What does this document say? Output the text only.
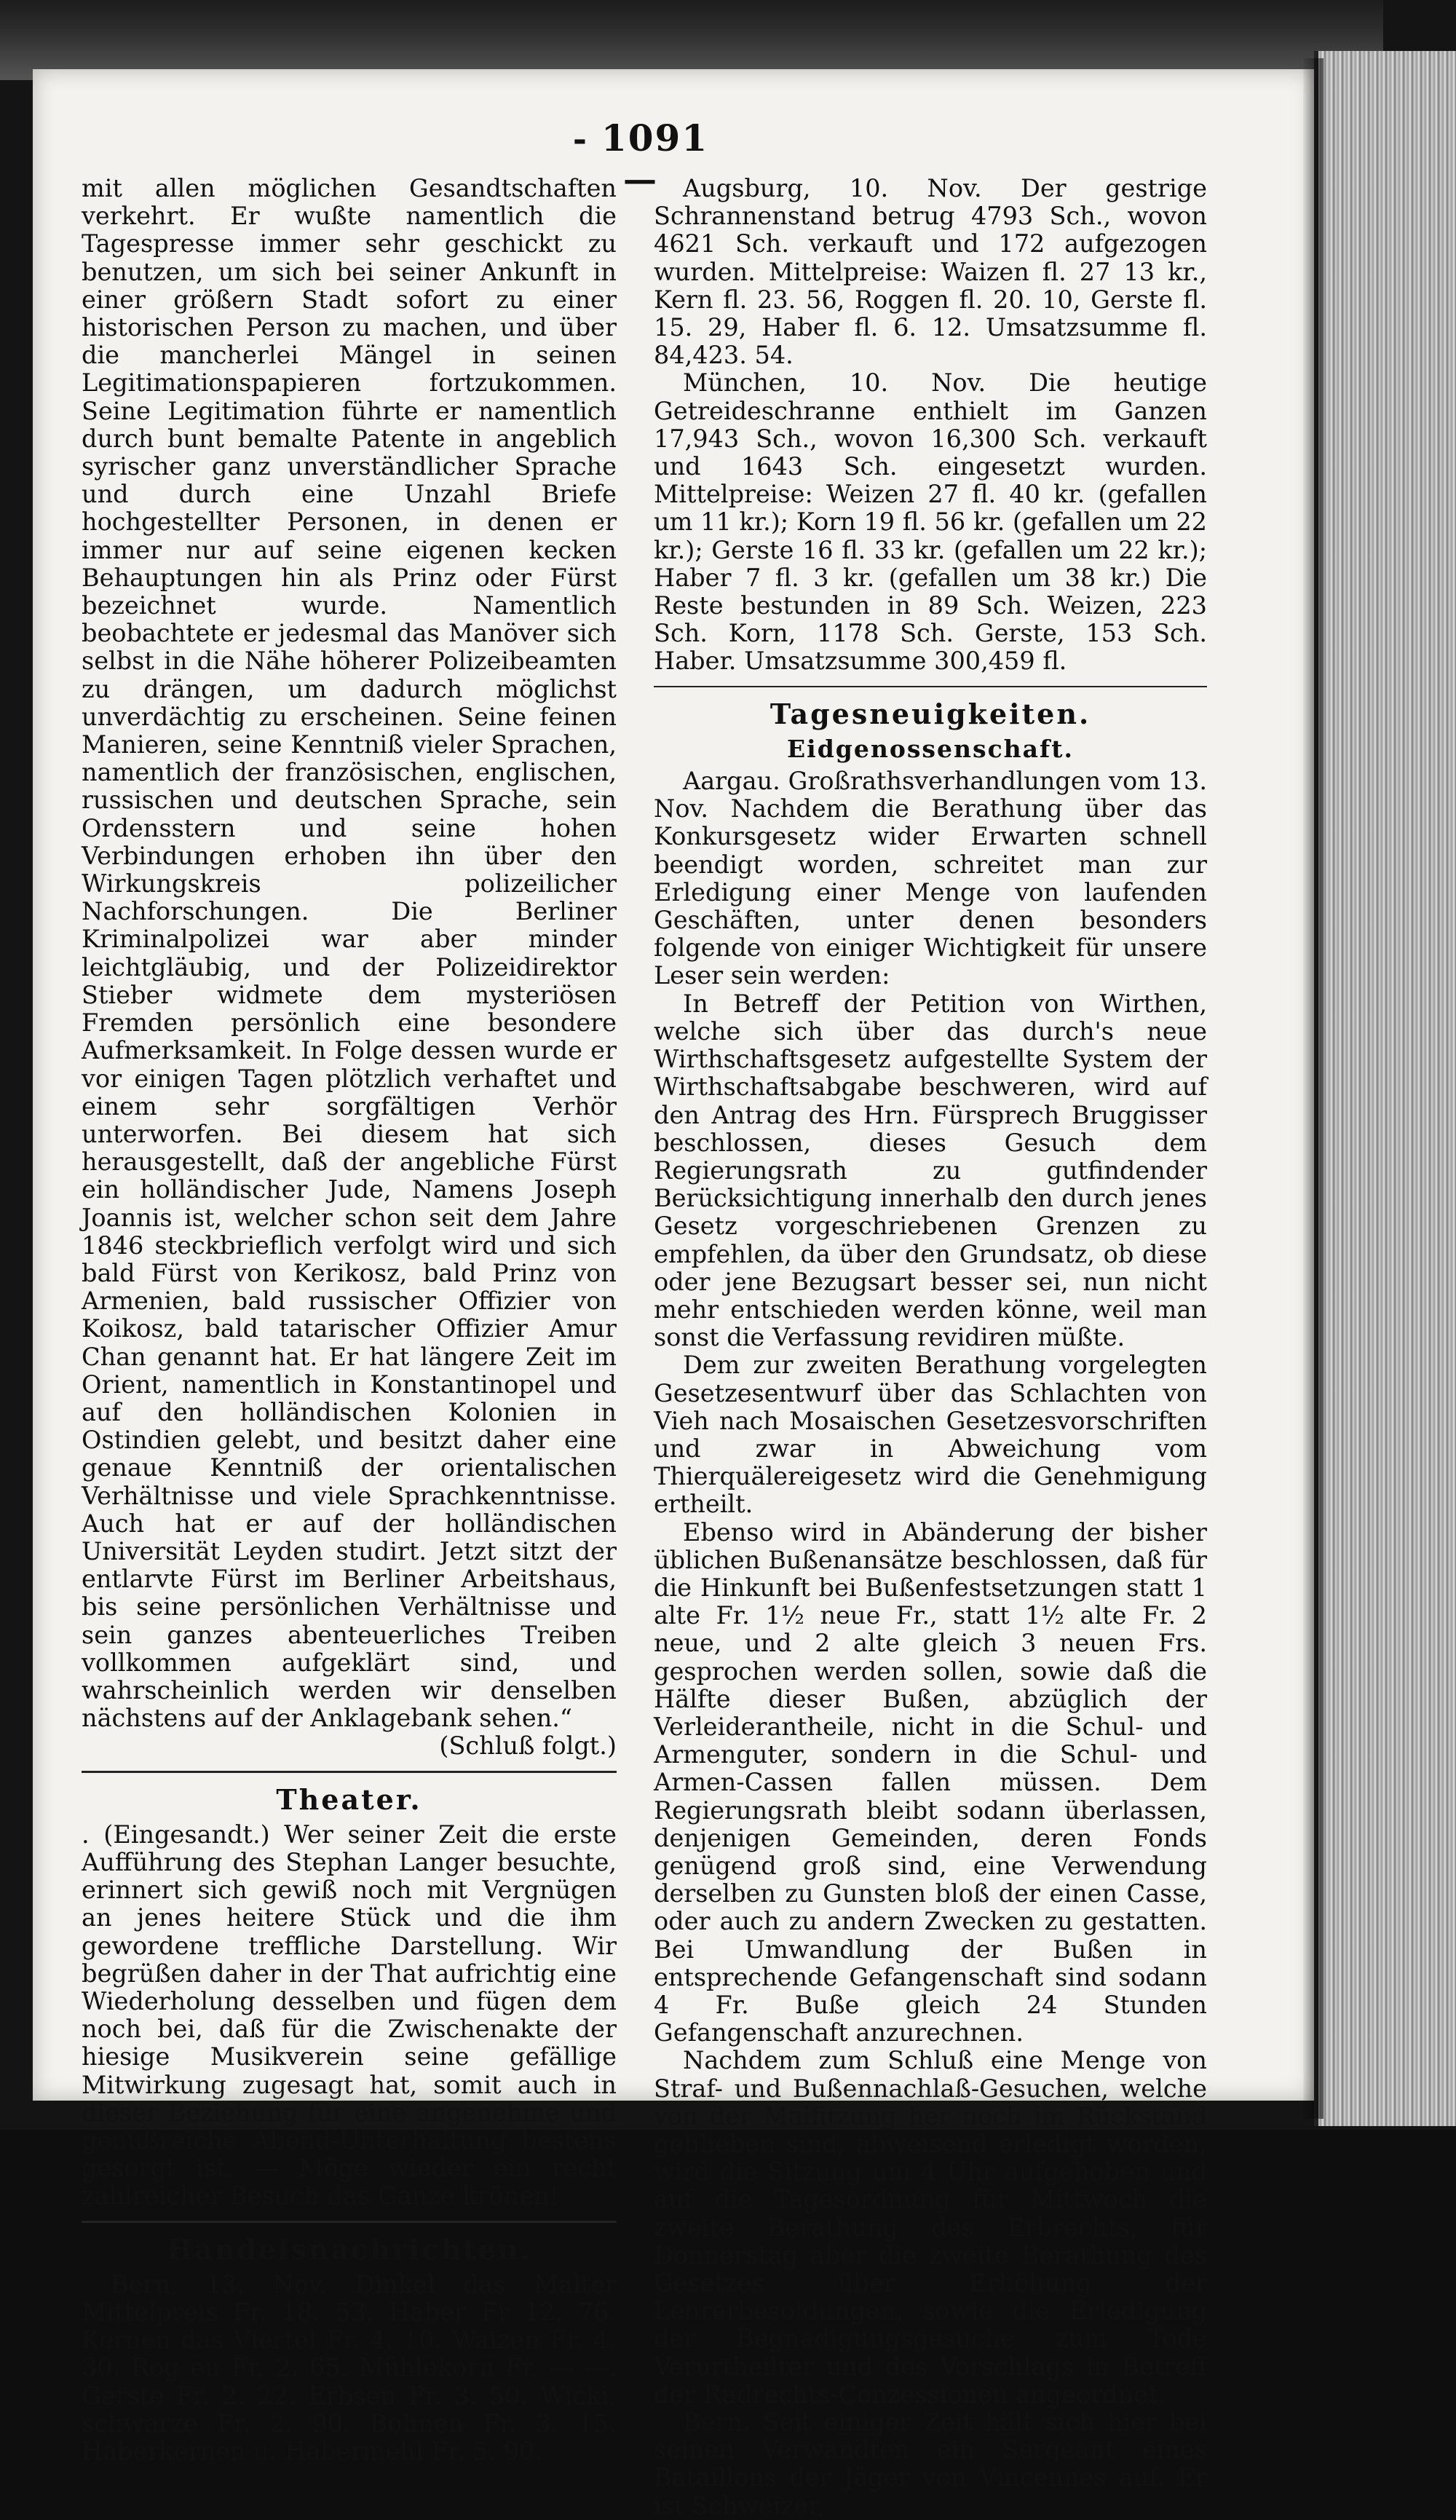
- 1091 —

mit allen möglichen Gesandtschaften verkehrt. Er wußte namentlich die Tagespresse immer sehr geschickt zu benutzen, um sich bei seiner Ankunft in einer größern Stadt sofort zu einer historischen Person zu machen, und über die mancherlei Mängel in seinen Legitimationspapieren fortzukommen. Seine Legitimation führte er namentlich durch bunt bemalte Patente in angeblich syrischer ganz unverständlicher Sprache und durch eine Unzahl Briefe hochgestellter Personen, in denen er immer nur auf seine eigenen kecken Behauptungen hin als Prinz oder Fürst bezeichnet wurde. Namentlich beobachtete er jedesmal das Manöver sich selbst in die Nähe höherer Polizeibeamten zu drängen, um dadurch möglichst unverdächtig zu erscheinen. Seine feinen Manieren, seine Kenntniß vieler Sprachen, namentlich der französischen, englischen, russischen und deutschen Sprache, sein Ordensstern und seine hohen Verbindungen erhoben ihn über den Wirkungskreis polizeilicher Nachforschungen. Die Berliner Kriminalpolizei war aber minder leichtgläubig, und der Polizeidirektor Stieber widmete dem mysteriösen Fremden persönlich eine besondere Aufmerksamkeit. In Folge dessen wurde er vor einigen Tagen plötzlich verhaftet und einem sehr sorgfältigen Verhör unterworfen. Bei diesem hat sich herausgestellt, daß der angebliche Fürst ein holländischer Jude, Namens Joseph Joannis ist, welcher schon seit dem Jahre 1846 steckbrieflich verfolgt wird und sich bald Fürst von Kerikosz, bald Prinz von Armenien, bald russischer Offizier von Koikosz, bald tatarischer Offizier Amur Chan genannt hat. Er hat längere Zeit im Orient, namentlich in Konstantinopel und auf den holländischen Kolonien in Ostindien gelebt, und besitzt daher eine genaue Kenntniß der orientalischen Verhältnisse und viele Sprachkenntnisse. Auch hat er auf der holländischen Universität Leyden studirt. Jetzt sitzt der entlarvte Fürst im Berliner Arbeitshaus, bis seine persönlichen Verhältnisse und sein ganzes abenteuerliches Treiben vollkommen aufgeklärt sind, und wahrscheinlich werden wir denselben nächstens auf der Anklagebank sehen.“

(Schluß folgt.)

Theater.

. (Eingesandt.) Wer seiner Zeit die erste Aufführung des Stephan Langer besuchte, erinnert sich gewiß noch mit Vergnügen an jenes heitere Stück und die ihm gewordene treffliche Darstellung. Wir begrüßen daher in der That aufrichtig eine Wiederholung desselben und fügen dem noch bei, daß für die Zwischenakte der hiesige Musikverein seine gefällige Mitwirkung zugesagt hat, somit auch in dieser Beziehung für eine angenehme und genußreiche Abend-Unterhaltung bestens gesorgt ist. — Möge wieder ein recht zahlreicher Besuch das Ganze krönen!

Handelsnachrichten.

Bern, 13. Nov. Dinkel das Malter Mittelpreis Fr. 18. 53. Haber Fr 12. 76. Kernen das Viertel Fr. 4. 10. Waizen Fr. 4. 30. Rog en Fr. 2. 65. Mühlekorn Fr. — —. Gerste Fr. 2. 22. Erbsen Fr. 3. 50. Wicki, schwarze Fr. 2. 90. Bohnen Fr. 3. 15. Haberkernen u. Habermehl Fr. 5. 90.

Augsburg, 10. Nov. Der gestrige Schrannenstand betrug 4793 Sch., wovon 4621 Sch. verkauft und 172 aufgezogen wurden. Mittelpreise: Waizen fl. 27 13 kr., Kern fl. 23. 56, Roggen fl. 20. 10, Gerste fl. 15. 29, Haber fl. 6. 12. Umsatzsumme fl. 84,423. 54.

München, 10. Nov. Die heutige Getreideschranne enthielt im Ganzen 17,943 Sch., wovon 16,300 Sch. verkauft und 1643 Sch. eingesetzt wurden. Mittelpreise: Weizen 27 fl. 40 kr. (gefallen um 11 kr.); Korn 19 fl. 56 kr. (gefallen um 22 kr.); Gerste 16 fl. 33 kr. (gefallen um 22 kr.); Haber 7 fl. 3 kr. (gefallen um 38 kr.) Die Reste bestunden in 89 Sch. Weizen, 223 Sch. Korn, 1178 Sch. Gerste, 153 Sch. Haber. Umsatzsumme 300,459 fl.

Tagesneuigkeiten.
Eidgenossenschaft.

Aargau. Großrathsverhandlungen vom 13. Nov. Nachdem die Berathung über das Konkursgesetz wider Erwarten schnell beendigt worden, schreitet man zur Erledigung einer Menge von laufenden Geschäften, unter denen besonders folgende von einiger Wichtigkeit für unsere Leser sein werden:

In Betreff der Petition von Wirthen, welche sich über das durch's neue Wirthschaftsgesetz aufgestellte System der Wirthschaftsabgabe beschweren, wird auf den Antrag des Hrn. Fürsprech Bruggisser beschlossen, dieses Gesuch dem Regierungsrath zu gutfindender Berücksichtigung innerhalb den durch jenes Gesetz vorgeschriebenen Grenzen zu empfehlen, da über den Grundsatz, ob diese oder jene Bezugsart besser sei, nun nicht mehr entschieden werden könne, weil man sonst die Verfassung revidiren müßte.

Dem zur zweiten Berathung vorgelegten Gesetzesentwurf über das Schlachten von Vieh nach Mosaischen Gesetzesvorschriften und zwar in Abweichung vom Thierquälereigesetz wird die Genehmigung ertheilt.

Ebenso wird in Abänderung der bisher üblichen Bußenansätze beschlossen, daß für die Hinkunft bei Bußenfestsetzungen statt 1 alte Fr. 1½ neue Fr., statt 1½ alte Fr. 2 neue, und 2 alte gleich 3 neuen Frs. gesprochen werden sollen, sowie daß die Hälfte dieser Bußen, abzüglich der Verleiderantheile, nicht in die Schul- und Armenguter, sondern in die Schul- und Armen-Cassen fallen müssen. Dem Regierungsrath bleibt sodann überlassen, denjenigen Gemeinden, deren Fonds genügend groß sind, eine Verwendung derselben zu Gunsten bloß der einen Casse, oder auch zu andern Zwecken zu gestatten. Bei Umwandlung der Bußen in entsprechende Gefangenschaft sind sodann 4 Fr. Buße gleich 24 Stunden Gefangenschaft anzurechnen.

Nachdem zum Schluß eine Menge von Straf- und Bußennachlaß-Gesuchen, welche von der Maifitzung her noch im Rückstand geblieben sind, abweisend erledigt worden, wird die Sitzung um 4 Uhr aufgehoben und auf die Tagesordnung für Mittwoch die zweite Berathung des Erbrechts, für Donnerstag aber die zweite Berathung des Gesetzes über Erhöhung der Lehrerbesoldungen, sowie die Erledigung der Begnadigungsgesuche zum Tode Verurtheilter und des Vorschlags in Betreff der Radrechts-Conzessionen angeordnet.

Bern. Seit einiger Zeit hält sich hier bei seinen Verwandten ein Sergeant eines Bataillons der Jäger von Vincennes auf. Er ist Schweizer,
